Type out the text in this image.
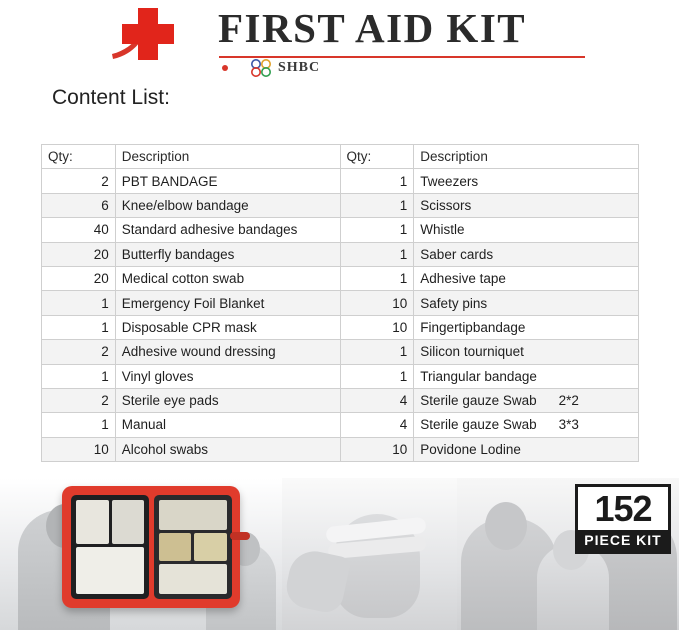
FIRST AID KIT
SHBC
Content List:
Qty:	Description	Qty:	Description
2	PBT BANDAGE	1	Tweezers
6	Knee/elbow bandage	1	Scissors
40	Standard adhesive bandages	1	Whistle
20	Butterfly bandages	1	Saber cards
20	Medical cotton swab	1	Adhesive tape
1	Emergency Foil Blanket	10	Safety pins
1	Disposable CPR mask	10	Fingertipbandage
2	Adhesive wound dressing	1	Silicon tourniquet
1	Vinyl gloves	1	Triangular bandage
2	Sterile eye pads	4	Sterile gauze Swab 2*2
1	Manual	4	Sterile gauze Swab 3*3
10	Alcohol swabs	10	Povidone Lodine
152
PIECE KIT
